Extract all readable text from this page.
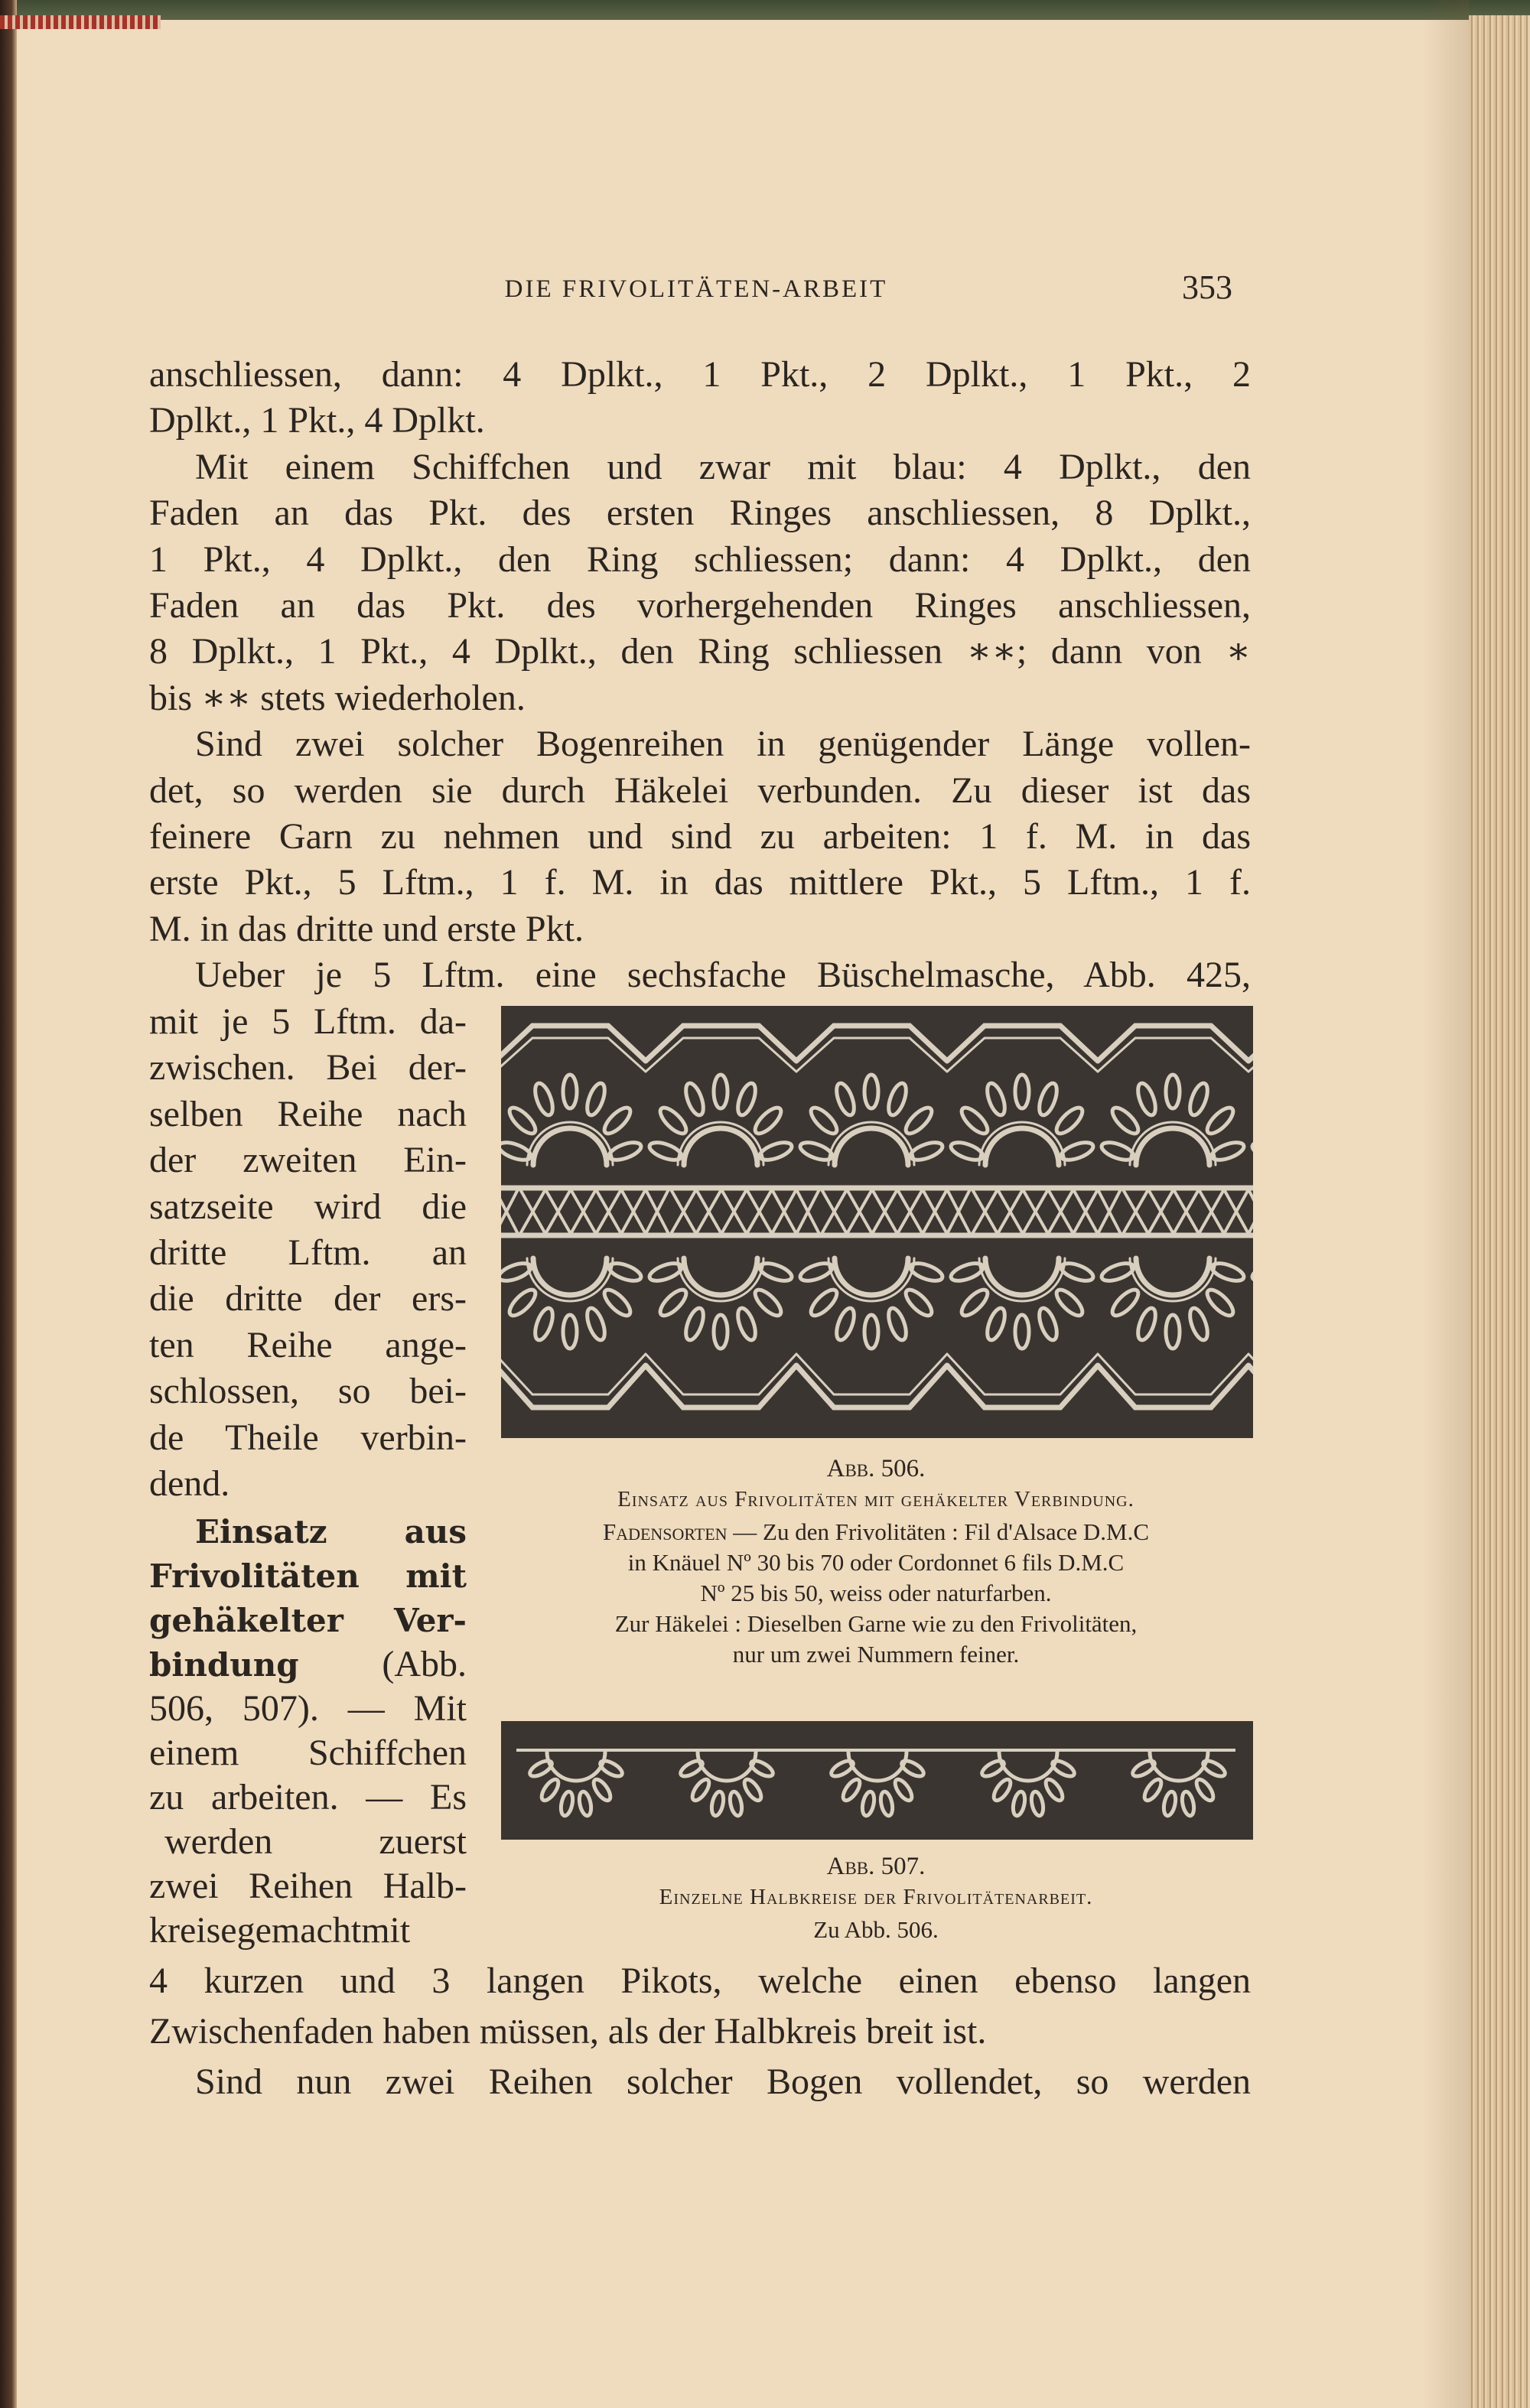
DIE FRIVOLITÄTEN-ARBEIT	353
anschliessen, dann: 4 Dplkt., 1 Pkt., 2 Dplkt., 1 Pkt., 2
Dplkt., 1 Pkt., 4 Dplkt.
Mit einem Schiffchen und zwar mit blau: 4 Dplkt., den
Faden an das Pkt. des ersten Ringes anschliessen, 8 Dplkt.,
1 Pkt., 4 Dplkt., den Ring schliessen; dann: 4 Dplkt., den
Faden an das Pkt. des vorhergehenden Ringes anschliessen,
8 Dplkt., 1 Pkt., 4 Dplkt., den Ring schliessen ∗∗; dann von ∗
bis ∗∗ stets wiederholen.
Sind zwei solcher Bogenreihen in genügender Länge vollen-
det, so werden sie durch Häkelei verbunden. Zu dieser ist das
feinere Garn zu nehmen und sind zu arbeiten: 1 f. M. in das
erste Pkt., 5 Lftm., 1 f. M. in das mittlere Pkt., 5 Lftm., 1 f.
M. in das dritte und erste Pkt.
Ueber je 5 Lftm. eine sechsfache Büschelmasche, Abb. 425,
mit je 5 Lftm. da-
zwischen. Bei der-
selben Reihe nach
der zweiten Ein-
satzseite wird die
dritte Lftm. an
die dritte der ers-
ten Reihe ange-
schlossen, so bei-
de Theile verbin-
dend.
Einsatz aus
Frivolitäten mit
gehäkelter Ver-
bindung (Abb.
506, 507). — Mit
einem Schiffchen
zu arbeiten. — Es
werden zuerst
zwei Reihen Halb-
kreisegemachtmit
4 kurzen und 3 langen Pikots, welche einen ebenso langen
Zwischenfaden haben müssen, als der Halbkreis breit ist.
Sind nun zwei Reihen solcher Bogen vollendet, so werden
Abb. 506.
Einsatz aus Frivolitäten mit gehäkelter Verbindung.
Fadensorten — Zu den Frivolitäten : Fil d'Alsace D.M.C
in Knäuel Nº 30 bis 70 oder Cordonnet 6 fils D.M.C
Nº 25 bis 50, weiss oder naturfarben.
Zur Häkelei : Dieselben Garne wie zu den Frivolitäten,
nur um zwei Nummern feiner.
Abb. 507.
Einzelne Halbkreise der Frivolitätenarbeit.
Zu Abb. 506.
